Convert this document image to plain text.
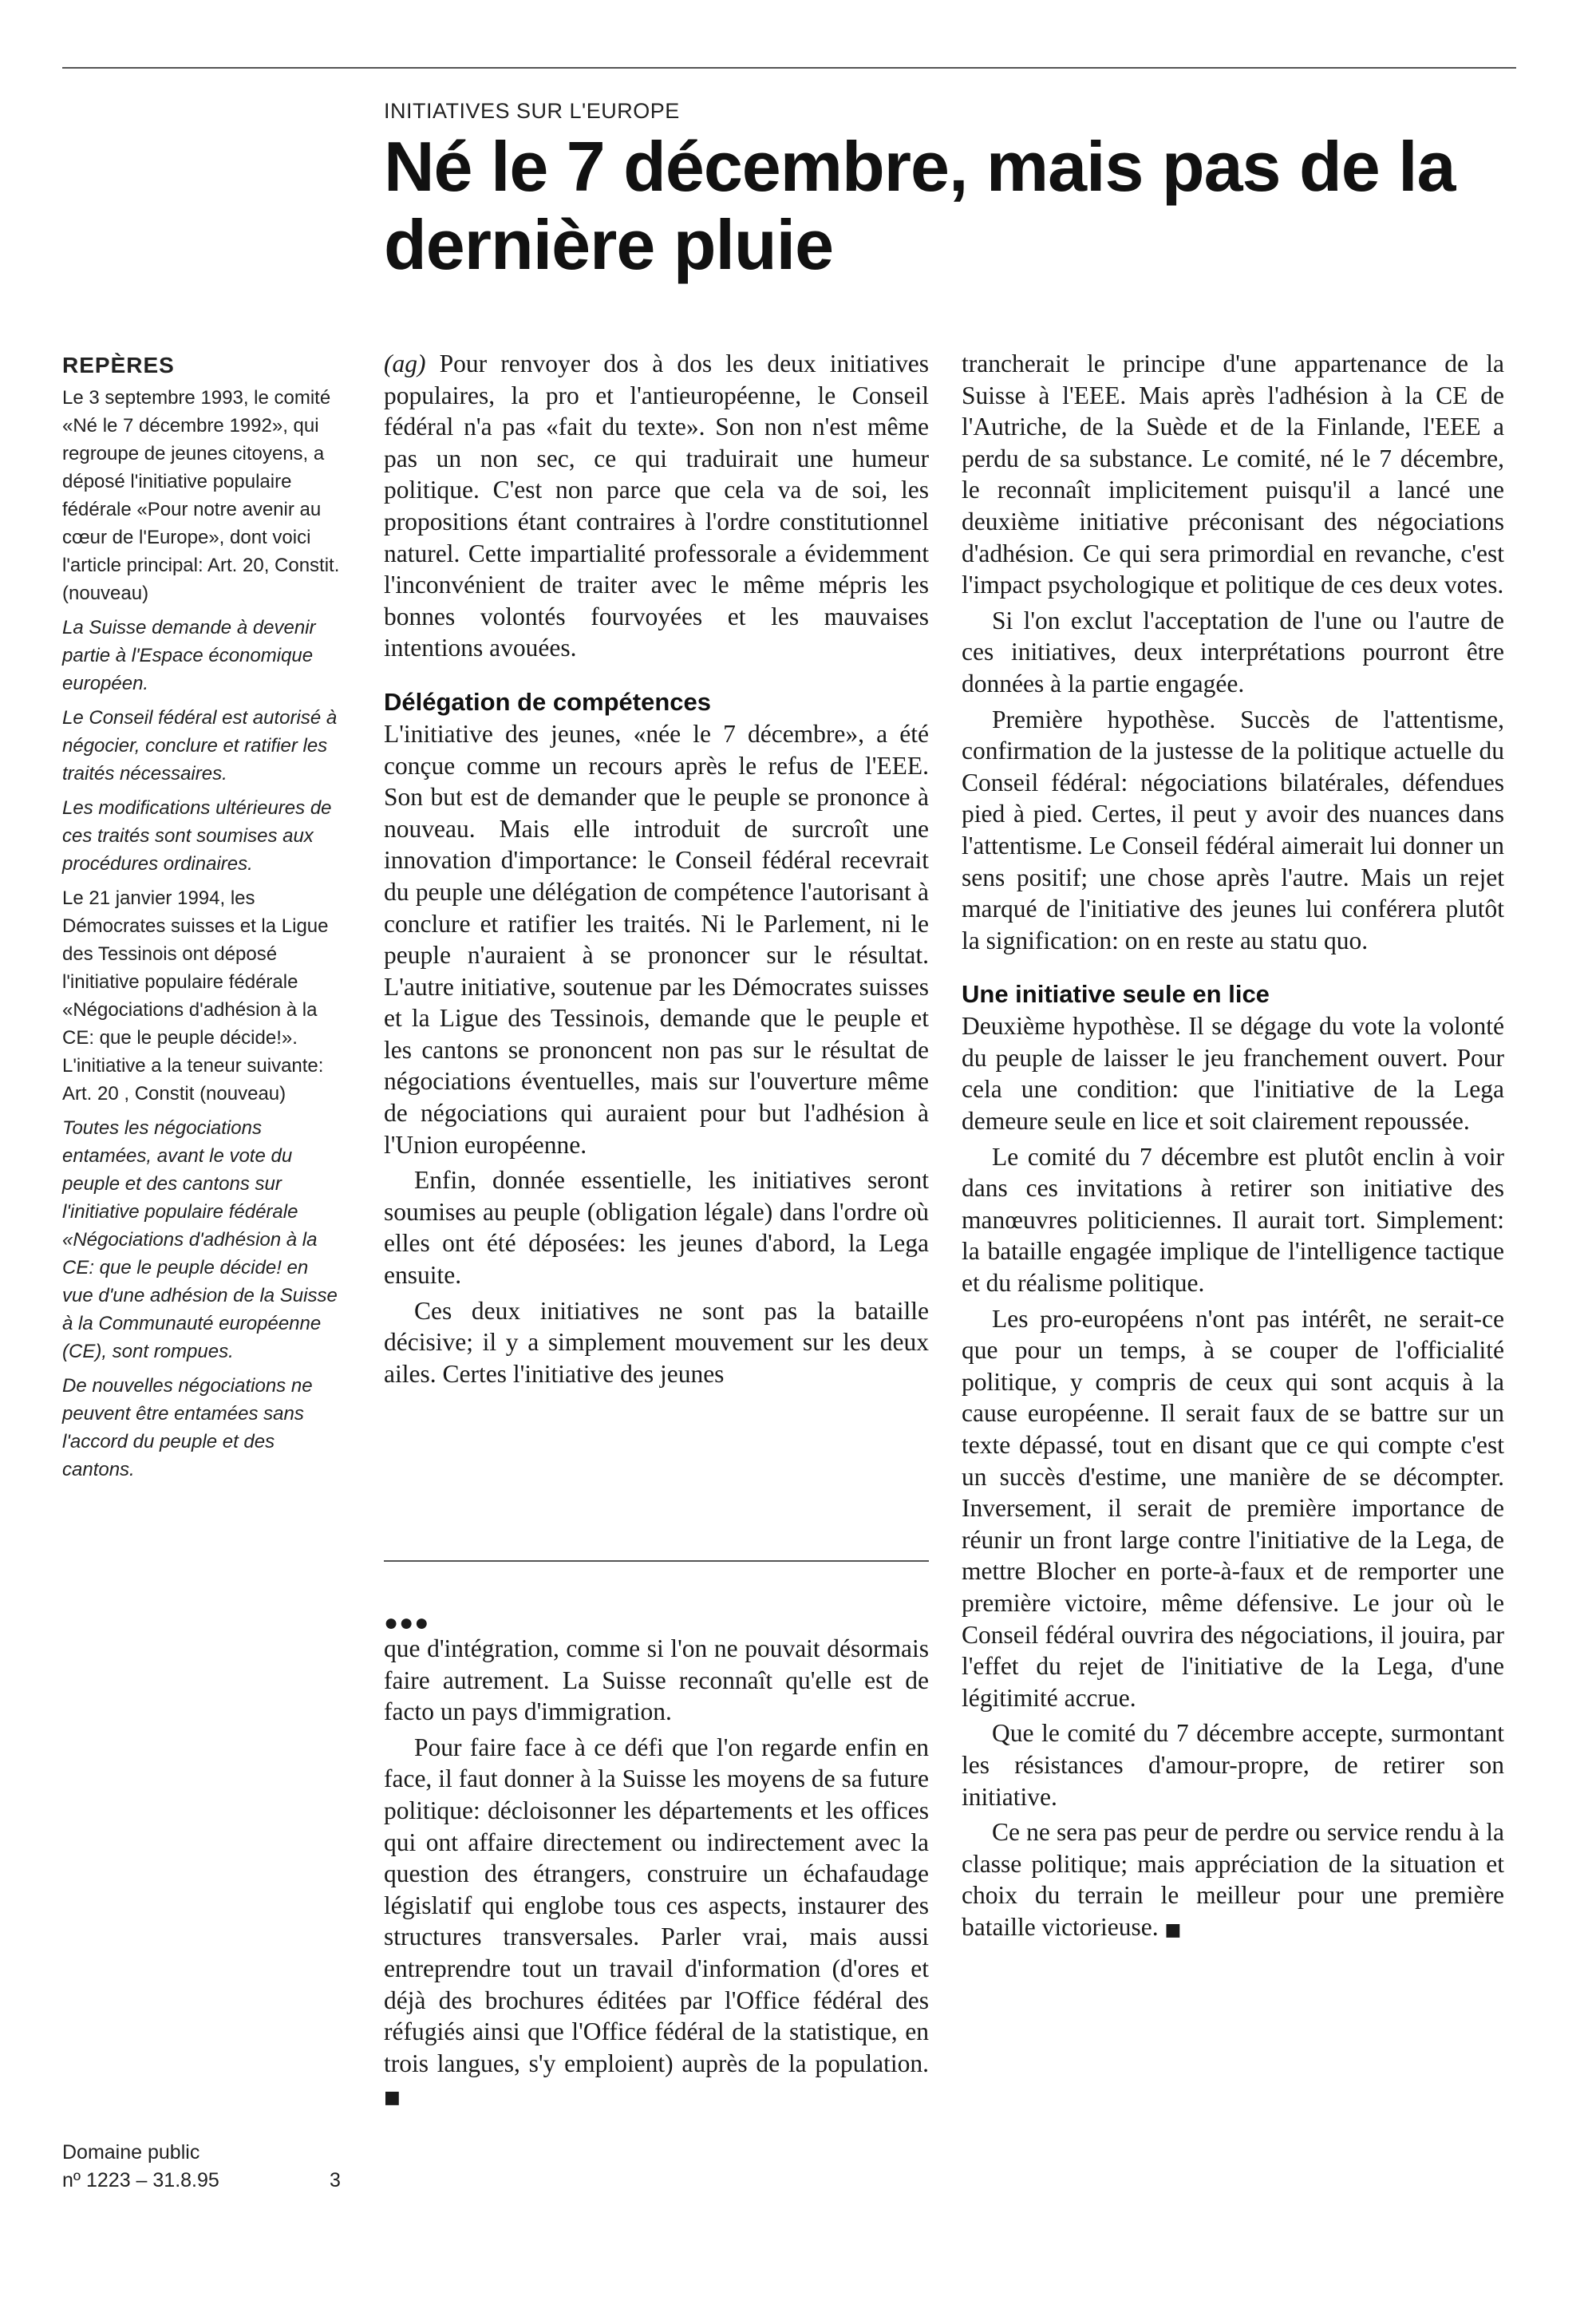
INITIATIVES SUR L'EUROPE
Né le 7 décembre, mais pas de la dernière pluie
REPÈRES

Le 3 septembre 1993, le comité «Né le 7 décembre 1992», qui regroupe de jeunes citoyens, a déposé l'initiative populaire fédérale «Pour notre avenir au cœur de l'Europe», dont voici l'article principal: Art. 20, Constit. (nouveau)

La Suisse demande à devenir partie à l'Espace économique européen.

Le Conseil fédéral est autorisé à négocier, conclure et ratifier les traités nécessaires.

Les modifications ultérieures de ces traités sont soumises aux procédures ordinaires.

Le 21 janvier 1994, les Démocrates suisses et la Ligue des Tessinois ont déposé l'initiative populaire fédérale «Négociations d'adhésion à la CE: que le peuple décide!». L'initiative a la teneur suivante: Art. 20 , Constit (nouveau)

Toutes les négociations entamées, avant le vote du peuple et des cantons sur l'initiative populaire fédérale «Négociations d'adhésion à la CE: que le peuple décide! en vue d'une adhésion de la Suisse à la Communauté européenne (CE), sont rompues.

De nouvelles négociations ne peuvent être entamées sans l'accord du peuple et des cantons.

(ag) Pour renvoyer dos à dos les deux initiatives populaires, la pro et l'antieuropéenne, le Conseil fédéral n'a pas «fait du texte». Son non n'est même pas un non sec, ce qui traduirait une humeur politique. C'est non parce que cela va de soi, les propositions étant contraires à l'ordre constitutionnel naturel. Cette impartialité professorale a évidemment l'inconvénient de traiter avec le même mépris les bonnes volontés fourvoyées et les mauvaises intentions avouées.

Délégation de compétences

L'initiative des jeunes, «née le 7 décembre», a été conçue comme un recours après le refus de l'EEE. Son but est de demander que le peuple se prononce à nouveau. Mais elle introduit de surcroît une innovation d'importance: le Conseil fédéral recevrait du peuple une délégation de compétence l'autorisant à conclure et ratifier les traités. Ni le Parlement, ni le peuple n'auraient à se prononcer sur le résultat. L'autre initiative, soutenue par les Démocrates suisses et la Ligue des Tessinois, demande que le peuple et les cantons se prononcent non pas sur le résultat de négociations éventuelles, mais sur l'ouverture même de négociations qui auraient pour but l'adhésion à l'Union européenne.

Enfin, donnée essentielle, les initiatives seront soumises au peuple (obligation légale) dans l'ordre où elles ont été déposées: les jeunes d'abord, la Lega ensuite.

Ces deux initiatives ne sont pas la bataille décisive; il y a simplement mouvement sur les deux ailes. Certes l'initiative des jeunes

●●●

que d'intégration, comme si l'on ne pouvait désormais faire autrement. La Suisse reconnaît qu'elle est de facto un pays d'immigration.

Pour faire face à ce défi que l'on regarde enfin en face, il faut donner à la Suisse les moyens de sa future politique: décloisonner les départements et les offices qui ont affaire directement ou indirectement avec la question des étrangers, construire un échafaudage législatif qui englobe tous ces aspects, instaurer des structures transversales. Parler vrai, mais aussi entreprendre tout un travail d'information (d'ores et déjà des brochures éditées par l'Office fédéral des réfugiés ainsi que l'Office fédéral de la statistique, en trois langues, s'y emploient) auprès de la population. ■

trancherait le principe d'une appartenance de la Suisse à l'EEE. Mais après l'adhésion à la CE de l'Autriche, de la Suède et de la Finlande, l'EEE a perdu de sa substance. Le comité, né le 7 décembre, le reconnaît implicitement puisqu'il a lancé une deuxième initiative préconisant des négociations d'adhésion. Ce qui sera primordial en revanche, c'est l'impact psychologique et politique de ces deux votes.

Si l'on exclut l'acceptation de l'une ou l'autre de ces initiatives, deux interprétations pourront être données à la partie engagée.

Première hypothèse. Succès de l'attentisme, confirmation de la justesse de la politique actuelle du Conseil fédéral: négociations bilatérales, défendues pied à pied. Certes, il peut y avoir des nuances dans l'attentisme. Le Conseil fédéral aimerait lui donner un sens positif; une chose après l'autre. Mais un rejet marqué de l'initiative des jeunes lui conférera plutôt la signification: on en reste au statu quo.

Une initiative seule en lice

Deuxième hypothèse. Il se dégage du vote la volonté du peuple de laisser le jeu franchement ouvert. Pour cela une condition: que l'initiative de la Lega demeure seule en lice et soit clairement repoussée.

Le comité du 7 décembre est plutôt enclin à voir dans ces invitations à retirer son initiative des manœuvres politiciennes. Il aurait tort. Simplement: la bataille engagée implique de l'intelligence tactique et du réalisme politique.

Les pro-européens n'ont pas intérêt, ne serait-ce que pour un temps, à se couper de l'officialité politique, y compris de ceux qui sont acquis à la cause européenne. Il serait faux de se battre sur un texte dépassé, tout en disant que ce qui compte c'est un succès d'estime, une manière de se décompter. Inversement, il serait de première importance de réunir un front large contre l'initiative de la Lega, de mettre Blocher en porte-à-faux et de remporter une première victoire, même défensive. Le jour où le Conseil fédéral ouvrira des négociations, il jouira, par l'effet du rejet de l'initiative de la Lega, d'une légitimité accrue.

Que le comité du 7 décembre accepte, surmontant les résistances d'amour-propre, de retirer son initiative.

Ce ne sera pas peur de perdre ou service rendu à la classe politique; mais appréciation de la situation et choix du terrain le meilleur pour une première bataille victorieuse. ■

Domaine public
nº 1223 – 31.8.95	3
